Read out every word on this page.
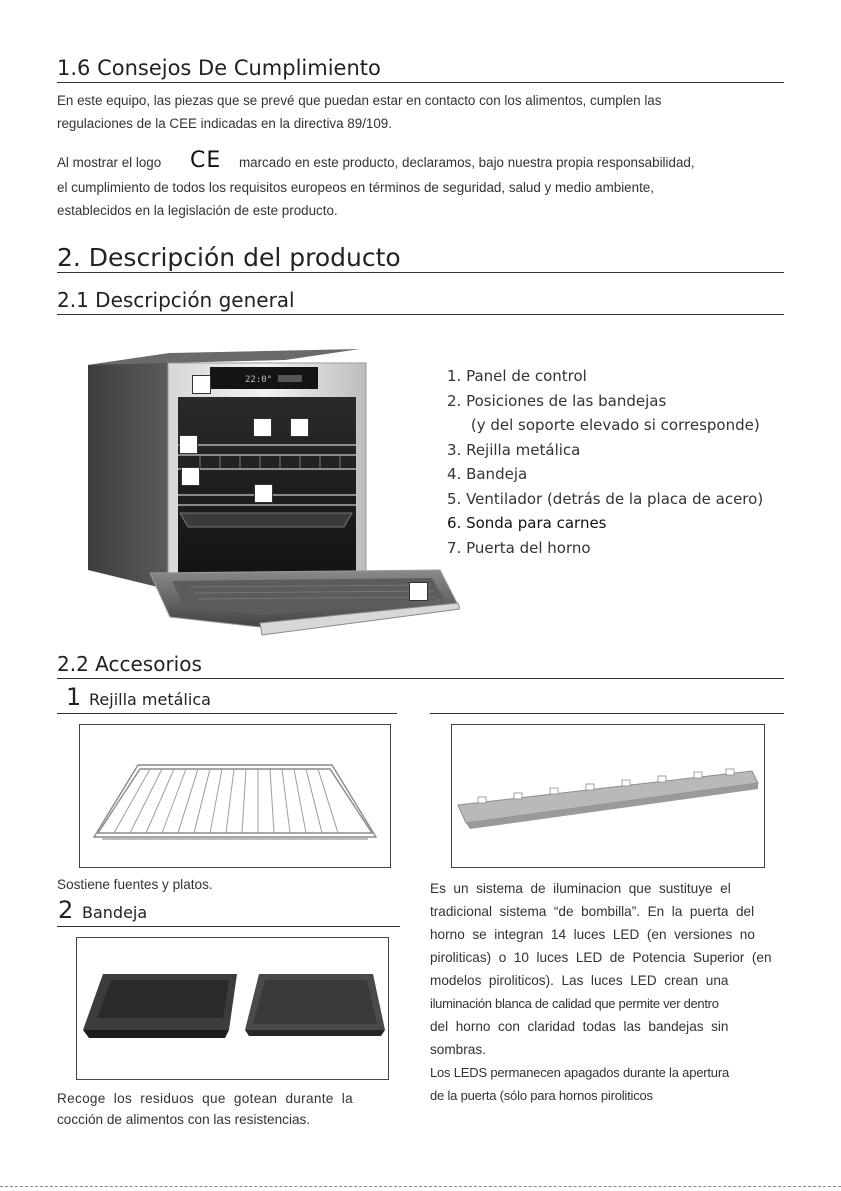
1.6 Consejos De Cumplimiento

En este equipo, las piezas que se prevé que puedan estar en contacto con los alimentos, cumplen las

regulaciones de la CEE indicadas en la directiva 89/109.

Al mostrar el logo CE marcado en este producto, declaramos, bajo nuestra propia responsabilidad,

el cumplimiento de todos los requisitos europeos en términos de seguridad, salud y medio ambiente,

establecidos en la legislación de este producto.

2. Descripción del producto
2.1 Descripción general
22:0°	1. Panel de control
2. Posiciones de las bandejas
(y del soporte elevado si corresponde)
3. Rejilla metálica
4. Bandeja
5. Ventilador (detrás de la placa de acero)
6. Sonda para carnes
7. Puerta del horno
2.2 Accesorios
1 Rejilla metálica

Sostiene fuentes y platos.

2 Bandeja

Recoge  los  residuos  que  gotean  durante  la

cocción de alimentos con las resistencias.

Es  un  sistema  de  iluminacion  que  sustituye  el

tradicional  sistema  “de  bombilla”.  En  la  puerta  del

horno  se  integran  14  luces  LED  (en  versiones  no

piroliticas)  o  10  luces  LED  de  Potencia  Superior  (en

modelos  piroliticos).  Las  luces  LED  crean  una

iluminación blanca de calidad que permite ver dentro

del  horno  con  claridad  todas  las  bandejas  sin

sombras.

Los LEDS permanecen apagados durante la apertura

de la puerta (sólo para hornos piroliticos
